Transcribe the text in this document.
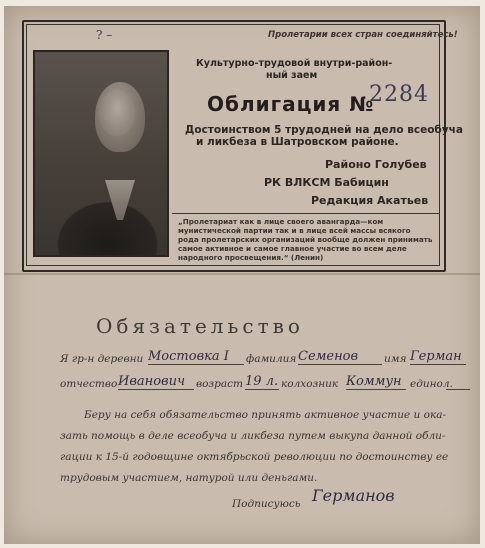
? –	Пролетарии всех стран соединяйтесь!
Культурно-трудовой внутри-район-
ный заем
Облигация №
2284
Достоинством 5 трудодней на дело всеобуча
и ликбеза в Шатровском районе.
Районо Голубев
РК ВЛКСМ Бабицин
Редакция Акатьев
„Пролетариат как в лице своего авангарда—ком
мунистической партии так и в лице всей массы всякого
рода пролетарских организаций вообще должен принимать
самое активное и самое главное участие во всем деле
народного просвещения.“ (Ленин)
Обязательство
Я гр-н деревни Мостовка I	фамилия Семенов	имя Герман
отчество Иванович	возраст 19 л. колхозник Коммун единол.
Беру на себя обязательство принять активное участие и ока-
зать помощь в деле всеобуча и ликбеза путем выкупа данной обли-
гации к 15-й годовщине октябрьской революции по достоинству ее
трудовым участием, натурой или деньгами.
Подписуюсь Германов
